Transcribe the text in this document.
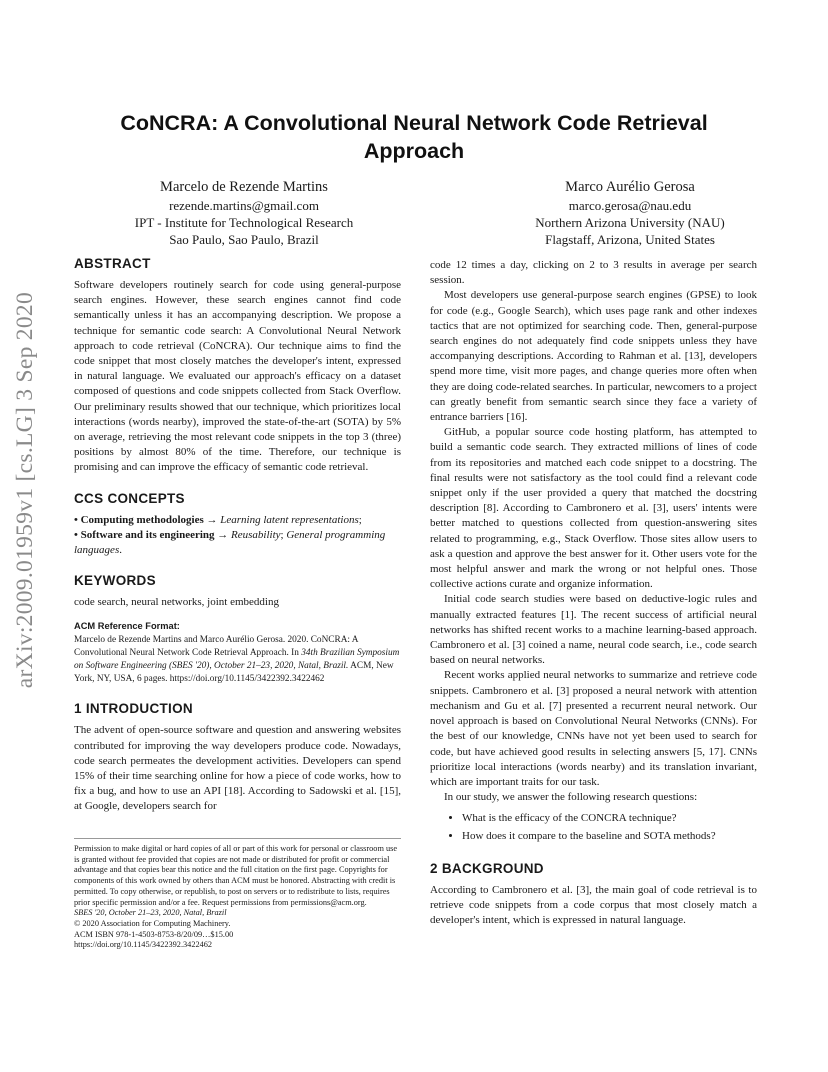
arXiv:2009.01959v1 [cs.LG] 3 Sep 2020
CoNCRA: A Convolutional Neural Network Code Retrieval Approach
Marcelo de Rezende Martins
rezende.martins@gmail.com
IPT - Institute for Technological Research
Sao Paulo, Sao Paulo, Brazil
Marco Aurélio Gerosa
marco.gerosa@nau.edu
Northern Arizona University (NAU)
Flagstaff, Arizona, United States
ABSTRACT

Software developers routinely search for code using general-purpose search engines. However, these search engines cannot find code semantically unless it has an accompanying description. We propose a technique for semantic code search: A Convolutional Neural Network approach to code retrieval (CoNCRA). Our technique aims to find the code snippet that most closely matches the developer's intent, expressed in natural language. We evaluated our approach's efficacy on a dataset composed of questions and code snippets collected from Stack Overflow. Our preliminary results showed that our technique, which prioritizes local interactions (words nearby), improved the state-of-the-art (SOTA) by 5% on average, retrieving the most relevant code snippets in the top 3 (three) positions by almost 80% of the time. Therefore, our technique is promising and can improve the efficacy of semantic code retrieval.

CCS CONCEPTS

• Computing methodologies → Learning latent representations;

• Software and its engineering → Reusability; General programming languages.

KEYWORDS

code search, neural networks, joint embedding

ACM Reference Format:
Marcelo de Rezende Martins and Marco Aurélio Gerosa. 2020. CoNCRA: A Convolutional Neural Network Code Retrieval Approach. In 34th Brazilian Symposium on Software Engineering (SBES '20), October 21–23, 2020, Natal, Brazil. ACM, New York, NY, USA, 6 pages. https://doi.org/10.1145/3422392.3422462
1 INTRODUCTION

The advent of open-source software and question and answering websites contributed for improving the way developers produce code. Nowadays, code search permeates the development activities. Developers can spend 15% of their time searching online for how a piece of code works, how to fix a bug, and how to use an API [18]. According to Sadowski et al. [15], at Google, developers search for

Permission to make digital or hard copies of all or part of this work for personal or classroom use is granted without fee provided that copies are not made or distributed for profit or commercial advantage and that copies bear this notice and the full citation on the first page. Copyrights for components of this work owned by others than ACM must be honored. Abstracting with credit is permitted. To copy otherwise, or republish, to post on servers or to redistribute to lists, requires prior specific permission and/or a fee. Request permissions from permissions@acm.org.

SBES '20, October 21–23, 2020, Natal, Brazil

© 2020 Association for Computing Machinery.

ACM ISBN 978-1-4503-8753-8/20/09…$15.00

https://doi.org/10.1145/3422392.3422462

code 12 times a day, clicking on 2 to 3 results in average per search session.

Most developers use general-purpose search engines (GPSE) to look for code (e.g., Google Search), which uses page rank and other indexes tactics that are not optimized for searching code. Then, general-purpose search engines do not adequately find code snippets unless they have accompanying descriptions. According to Rahman et al. [13], developers spend more time, visit more pages, and change queries more often when they are doing code-related searches. In particular, newcomers to a project can greatly benefit from semantic search since they face a variety of entrance barriers [16].

GitHub, a popular source code hosting platform, has attempted to build a semantic code search. They extracted millions of lines of code from its repositories and matched each code snippet to a docstring. The final results were not satisfactory as the tool could find a relevant code snippet only if the user provided a query that matched the docstring description [8]. According to Cambronero et al. [3], users' intents were better matched to questions collected from question-answering sites related to programming, e.g., Stack Overflow. Those sites allow users to ask a question and approve the best answer for it. Other users vote for the most helpful answer and mark the wrong or not helpful ones. Those collective actions curate and organize information.

Initial code search studies were based on deductive-logic rules and manually extracted features [1]. The recent success of artificial neural networks has shifted recent works to a machine learning-based approach. Cambronero et al. [3] coined a name, neural code search, i.e., code search based on neural networks.

Recent works applied neural networks to summarize and retrieve code snippets. Cambronero et al. [3] proposed a neural network with attention mechanism and Gu et al. [7] presented a recurrent neural network. Our novel approach is based on Convolutional Neural Networks (CNNs). For the best of our knowledge, CNNs have not yet been used to search for code, but have achieved good results in selecting answers [5, 17]. CNNs prioritize local interactions (words nearby) and its translation invariant, which are important traits for our task.

In our study, we answer the following research questions:

• What is the efficacy of the CONCRA technique?
• How does it compare to the baseline and SOTA methods?
2 BACKGROUND

According to Cambronero et al. [3], the main goal of code retrieval is to retrieve code snippets from a code corpus that most closely match a developer's intent, which is expressed in natural language.
